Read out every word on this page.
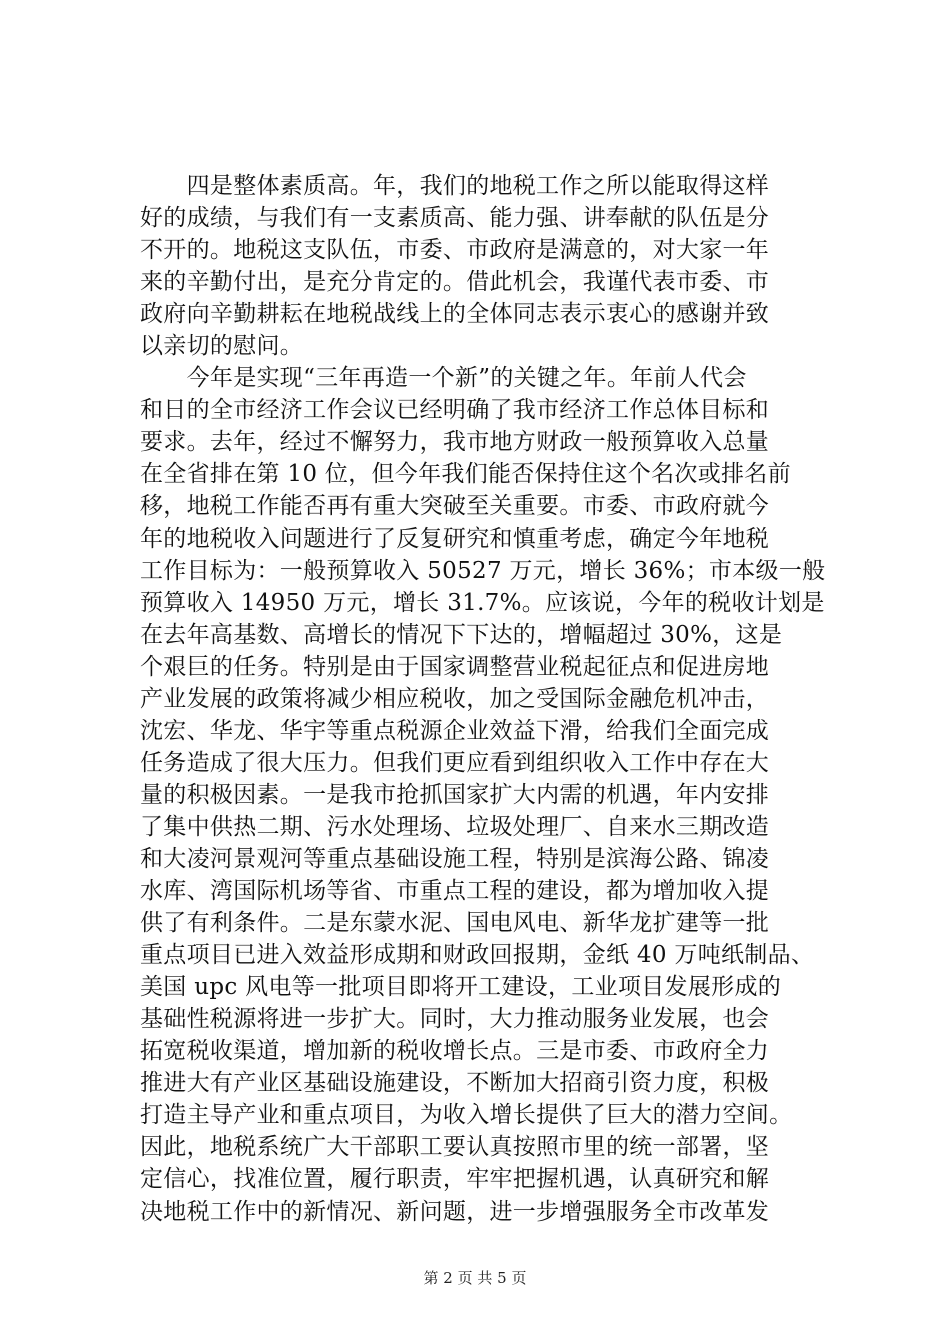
　　四是整体素质高。年，我们的地税工作之所以能取得这样
好的成绩，与我们有一支素质高、能力强、讲奉献的队伍是分
不开的。地税这支队伍，市委、市政府是满意的，对大家一年
来的辛勤付出，是充分肯定的。借此机会，我谨代表市委、市
政府向辛勤耕耘在地税战线上的全体同志表示衷心的感谢并致
以亲切的慰问。
　　今年是实现“三年再造一个新”的关键之年。年前人代会
和日的全市经济工作会议已经明确了我市经济工作总体目标和
要求。去年，经过不懈努力，我市地方财政一般预算收入总量
在全省排在第 10 位，但今年我们能否保持住这个名次或排名前
移，地税工作能否再有重大突破至关重要。市委、市政府就今
年的地税收入问题进行了反复研究和慎重考虑，确定今年地税
工作目标为：一般预算收入 50527 万元，增长 36%；市本级一般
预算收入 14950 万元，增长 31.7%。应该说，今年的税收计划是
在去年高基数、高增长的情况下下达的，增幅超过 30%，这是
个艰巨的任务。特别是由于国家调整营业税起征点和促进房地
产业发展的政策将减少相应税收，加之受国际金融危机冲击，
沈宏、华龙、华宇等重点税源企业效益下滑，给我们全面完成
任务造成了很大压力。但我们更应看到组织收入工作中存在大
量的积极因素。一是我市抢抓国家扩大内需的机遇，年内安排
了集中供热二期、污水处理场、垃圾处理厂、自来水三期改造
和大凌河景观河等重点基础设施工程，特别是滨海公路、锦凌
水库、湾国际机场等省、市重点工程的建设，都为增加收入提
供了有利条件。二是东蒙水泥、国电风电、新华龙扩建等一批
重点项目已进入效益形成期和财政回报期，金纸 40 万吨纸制品、
美国 upc 风电等一批项目即将开工建设，工业项目发展形成的
基础性税源将进一步扩大。同时，大力推动服务业发展，也会
拓宽税收渠道，增加新的税收增长点。三是市委、市政府全力
推进大有产业区基础设施建设，不断加大招商引资力度，积极
打造主导产业和重点项目，为收入增长提供了巨大的潜力空间。
因此，地税系统广大干部职工要认真按照市里的统一部署，坚
定信心，找准位置，履行职责，牢牢把握机遇，认真研究和解
决地税工作中的新情况、新问题，进一步增强服务全市改革发
第 2 页 共 5 页
